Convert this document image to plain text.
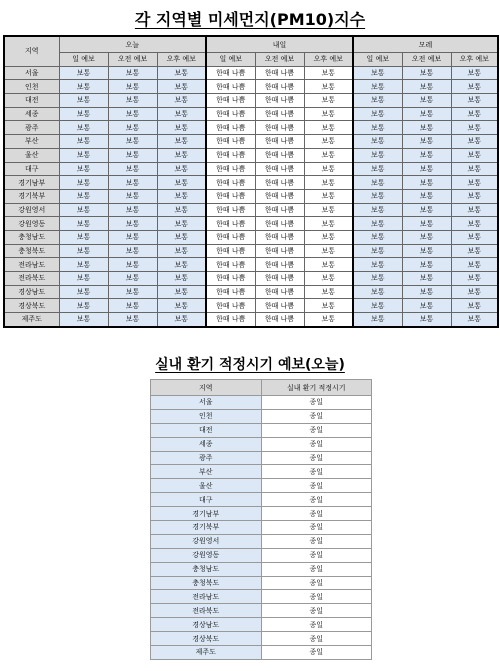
각 지역별 미세먼지(PM10)지수
지역	오늘			내일			모레		
	일 예보	오전 예보	오후 예보	일 예보	오전 예보	오후 예보	일 예보	오전 예보	오후 예보
서울	보통	보통	보통	한때 나쁨	한때 나쁨	보통	보통	보통	보통
인천	보통	보통	보통	한때 나쁨	한때 나쁨	보통	보통	보통	보통
대전	보통	보통	보통	한때 나쁨	한때 나쁨	보통	보통	보통	보통
세종	보통	보통	보통	한때 나쁨	한때 나쁨	보통	보통	보통	보통
광주	보통	보통	보통	한때 나쁨	한때 나쁨	보통	보통	보통	보통
부산	보통	보통	보통	한때 나쁨	한때 나쁨	보통	보통	보통	보통
울산	보통	보통	보통	한때 나쁨	한때 나쁨	보통	보통	보통	보통
대구	보통	보통	보통	한때 나쁨	한때 나쁨	보통	보통	보통	보통
경기남부	보통	보통	보통	한때 나쁨	한때 나쁨	보통	보통	보통	보통
경기북부	보통	보통	보통	한때 나쁨	한때 나쁨	보통	보통	보통	보통
강원영서	보통	보통	보통	한때 나쁨	한때 나쁨	보통	보통	보통	보통
강원영동	보통	보통	보통	한때 나쁨	한때 나쁨	보통	보통	보통	보통
충청남도	보통	보통	보통	한때 나쁨	한때 나쁨	보통	보통	보통	보통
충청북도	보통	보통	보통	한때 나쁨	한때 나쁨	보통	보통	보통	보통
전라남도	보통	보통	보통	한때 나쁨	한때 나쁨	보통	보통	보통	보통
전라북도	보통	보통	보통	한때 나쁨	한때 나쁨	보통	보통	보통	보통
경상남도	보통	보통	보통	한때 나쁨	한때 나쁨	보통	보통	보통	보통
경상북도	보통	보통	보통	한때 나쁨	한때 나쁨	보통	보통	보통	보통
제주도	보통	보통	보통	한때 나쁨	한때 나쁨	보통	보통	보통	보통
실내 환기 적정시기 예보(오늘)
지역	실내 환기 적정시기
서울	종일
인천	종일
대전	종일
세종	종일
광주	종일
부산	종일
울산	종일
대구	종일
경기남부	종일
경기북부	종일
강원영서	종일
강원영동	종일
충청남도	종일
충청북도	종일
전라남도	종일
전라북도	종일
경상남도	종일
경상북도	종일
제주도	종일
